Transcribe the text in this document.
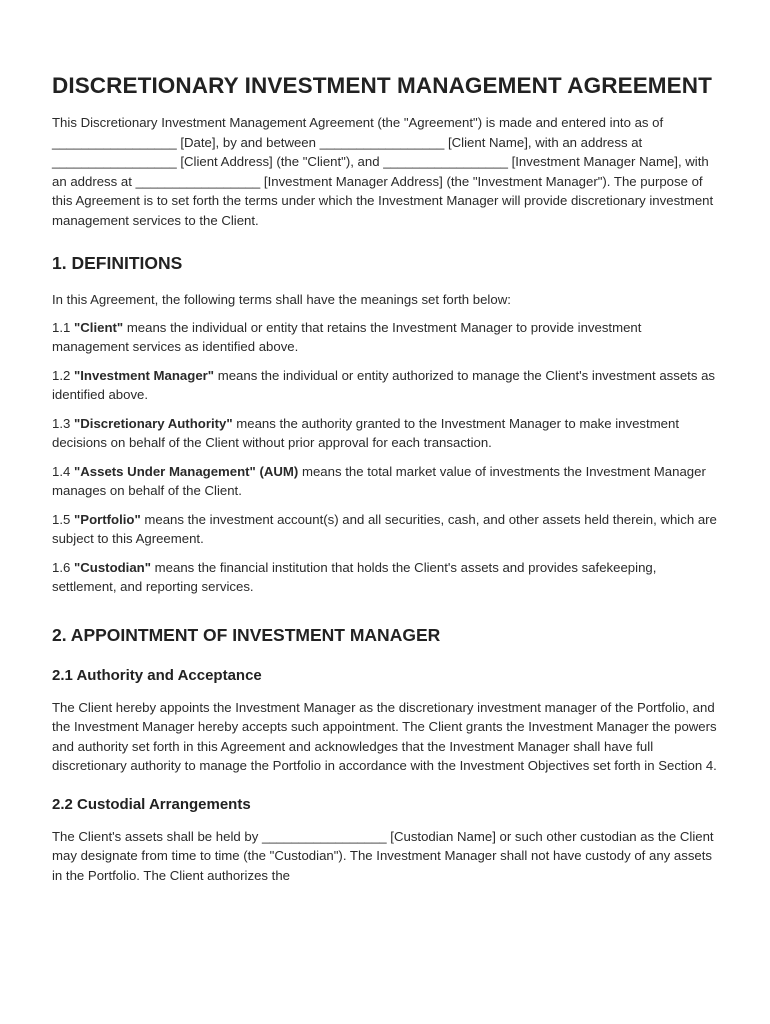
DISCRETIONARY INVESTMENT MANAGEMENT AGREEMENT

This Discretionary Investment Management Agreement (the "Agreement") is made and entered into as of _________________ [Date], by and between _________________ [Client Name], with an address at _________________ [Client Address] (the "Client"), and _________________ [Investment Manager Name], with an address at _________________ [Investment Manager Address] (the "Investment Manager"). The purpose of this Agreement is to set forth the terms under which the Investment Manager will provide discretionary investment management services to the Client.

1. DEFINITIONS

In this Agreement, the following terms shall have the meanings set forth below:

1.1 "Client" means the individual or entity that retains the Investment Manager to provide investment management services as identified above.

1.2 "Investment Manager" means the individual or entity authorized to manage the Client's investment assets as identified above.

1.3 "Discretionary Authority" means the authority granted to the Investment Manager to make investment decisions on behalf of the Client without prior approval for each transaction.

1.4 "Assets Under Management" (AUM) means the total market value of investments the Investment Manager manages on behalf of the Client.

1.5 "Portfolio" means the investment account(s) and all securities, cash, and other assets held therein, which are subject to this Agreement.

1.6 "Custodian" means the financial institution that holds the Client's assets and provides safekeeping, settlement, and reporting services.

2. APPOINTMENT OF INVESTMENT MANAGER
2.1 Authority and Acceptance

The Client hereby appoints the Investment Manager as the discretionary investment manager of the Portfolio, and the Investment Manager hereby accepts such appointment. The Client grants the Investment Manager the powers and authority set forth in this Agreement and acknowledges that the Investment Manager shall have full discretionary authority to manage the Portfolio in accordance with the Investment Objectives set forth in Section 4.

2.2 Custodial Arrangements

The Client's assets shall be held by _________________ [Custodian Name] or such other custodian as the Client may designate from time to time (the "Custodian"). The Investment Manager shall not have custody of any assets in the Portfolio. The Client authorizes the
